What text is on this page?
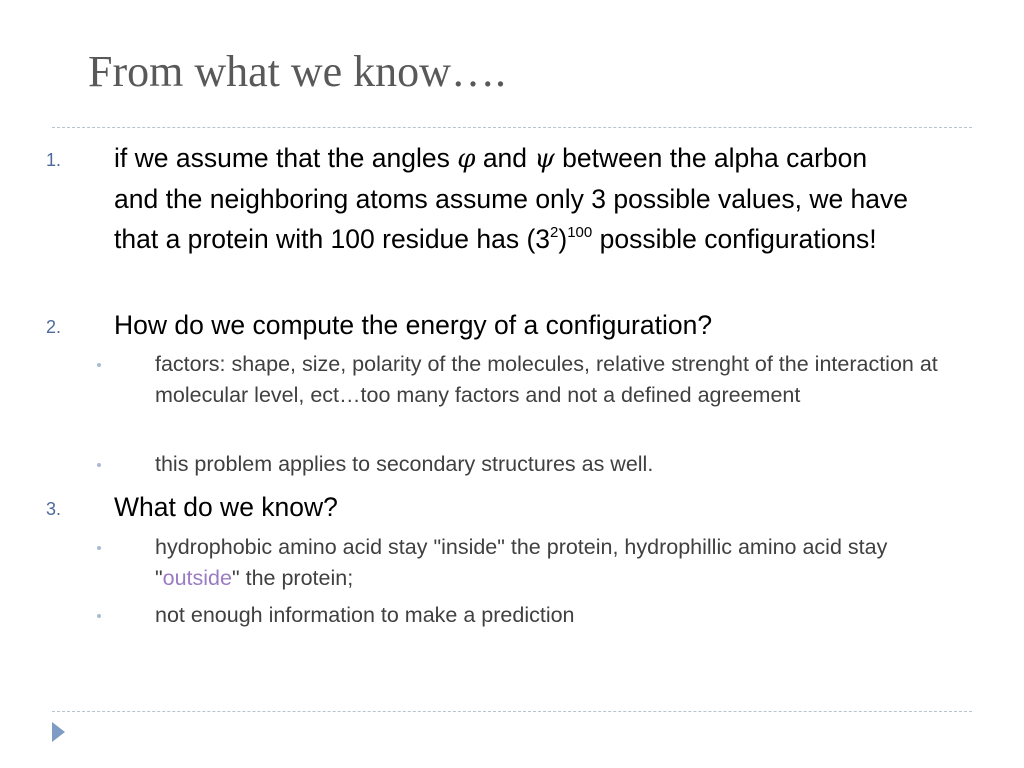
From what we know….
1. if we assume that the angles φ and ψ between the alpha carbon and the neighboring atoms assume only 3 possible values, we have that a protein with 100 residue has $(3^2)^{100}$ possible configurations!
2. How do we compute the energy of a configuration?
factors: shape, size, polarity of the molecules, relative strenght of the interaction at molecular level, ect…too many factors and not a defined agreement
this problem applies to secondary structures as well.
3. What do we know?
hydrophobic amino acid stay "inside" the protein, hydrophillic amino acid stay "outside" the protein;
not enough information to make a prediction
